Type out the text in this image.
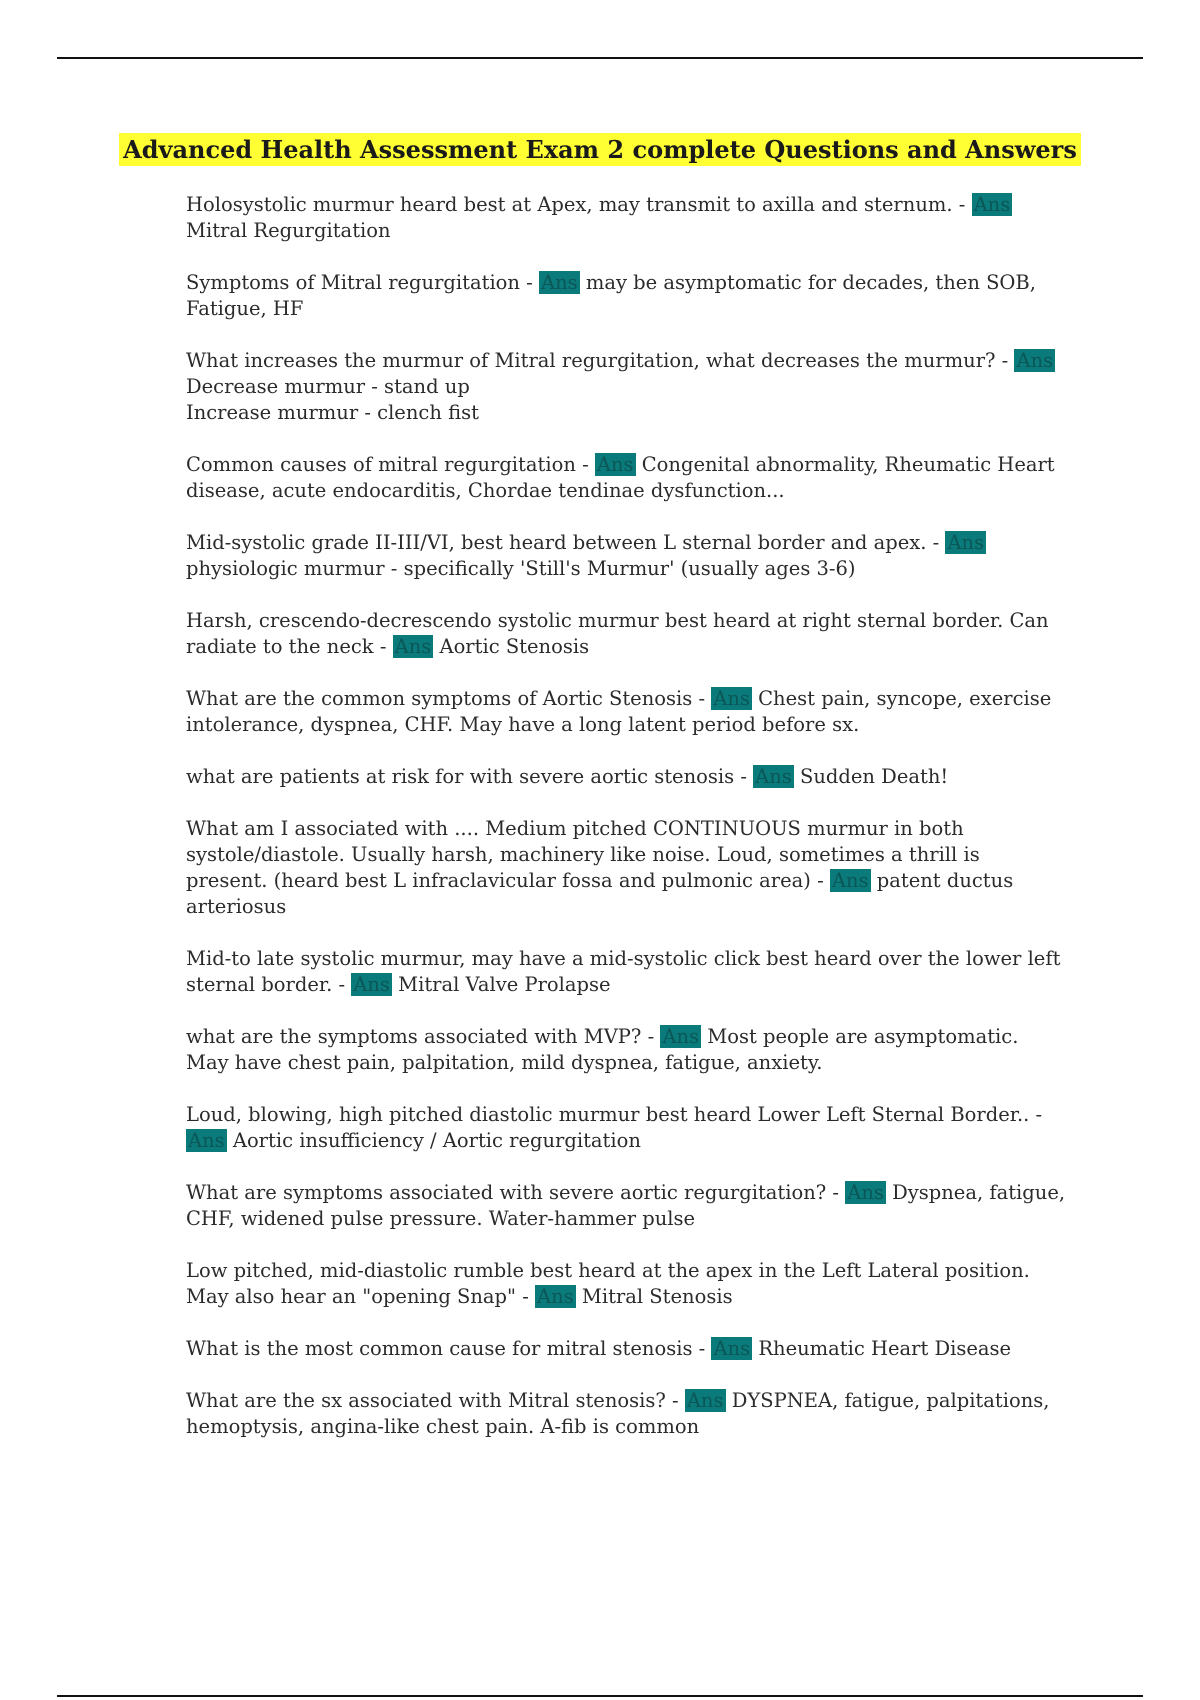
Advanced Health Assessment Exam 2 complete Questions and Answers

Holosystolic murmur heard best at Apex, may transmit to axilla and sternum. - Ans Mitral Regurgitation

Symptoms of Mitral regurgitation - Ans may be asymptomatic for decades, then SOB, Fatigue, HF

What increases the murmur of Mitral regurgitation, what decreases the murmur? - Ans
Decrease murmur - stand up
Increase murmur - clench fist

Common causes of mitral regurgitation - Ans Congenital abnormality, Rheumatic Heart disease, acute endocarditis, Chordae tendinae dysfunction...

Mid-systolic grade II-III/VI, best heard between L sternal border and apex. - Ans physiologic murmur - specifically 'Still's Murmur' (usually ages 3-6)

Harsh, crescendo-decrescendo systolic murmur best heard at right sternal border. Can radiate to the neck - Ans Aortic Stenosis

What are the common symptoms of Aortic Stenosis - Ans Chest pain, syncope, exercise intolerance, dyspnea, CHF. May have a long latent period before sx.

what are patients at risk for with severe aortic stenosis - Ans Sudden Death!

What am I associated with .... Medium pitched CONTINUOUS murmur in both systole/diastole. Usually harsh, machinery like noise. Loud, sometimes a thrill is present. (heard best L infraclavicular fossa and pulmonic area) - Ans patent ductus arteriosus

Mid-to late systolic murmur, may have a mid-systolic click best heard over the lower left sternal border. - Ans Mitral Valve Prolapse

what are the symptoms associated with MVP? - Ans Most people are asymptomatic. May have chest pain, palpitation, mild dyspnea, fatigue, anxiety.

Loud, blowing, high pitched diastolic murmur best heard Lower Left Sternal Border.. - Ans Aortic insufficiency / Aortic regurgitation

What are symptoms associated with severe aortic regurgitation? - Ans Dyspnea, fatigue, CHF, widened pulse pressure. Water-hammer pulse

Low pitched, mid-diastolic rumble best heard at the apex in the Left Lateral position. May also hear an "opening Snap" - Ans Mitral Stenosis

What is the most common cause for mitral stenosis - Ans Rheumatic Heart Disease

What are the sx associated with Mitral stenosis? - Ans DYSPNEA, fatigue, palpitations, hemoptysis, angina-like chest pain. A-fib is common
